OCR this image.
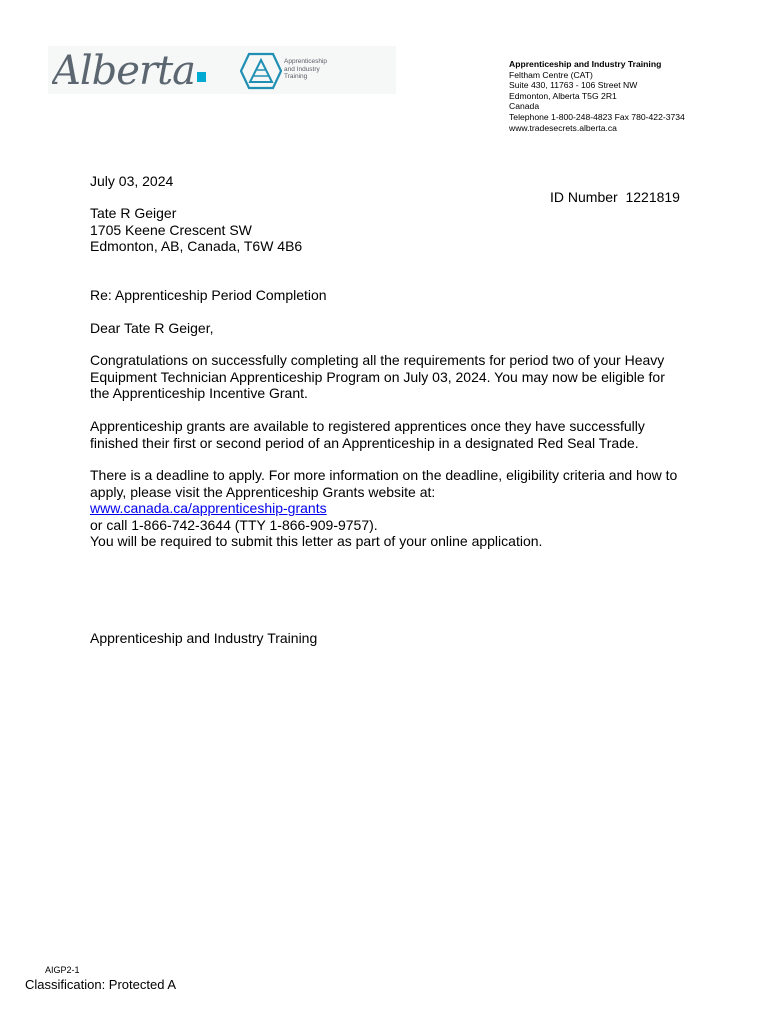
Alberta	Apprenticeship
and Industry
Training
Apprenticeship and Industry Training
Feltham Centre (CAT)
Suite 430, 11763 - 106 Street NW
Edmonton, Alberta T5G 2R1
Canada
Telephone 1-800-248-4823 Fax 780-422-3734
www.tradesecrets.alberta.ca
July 03, 2024
ID Number 1221819
Tate R Geiger
1705 Keene Crescent SW
Edmonton, AB, Canada, T6W 4B6
Re: Apprenticeship Period Completion
Dear Tate R Geiger,
Congratulations on successfully completing all the requirements for period two of your Heavy
Equipment Technician Apprenticeship Program on July 03, 2024. You may now be eligible for
the Apprenticeship Incentive Grant.
Apprenticeship grants are available to registered apprentices once they have successfully
finished their first or second period of an Apprenticeship in a designated Red Seal Trade.
There is a deadline to apply. For more information on the deadline, eligibility criteria and how to
apply, please visit the Apprenticeship Grants website at:
www.canada.ca/apprenticeship-grants
or call 1-866-742-3644 (TTY 1-866-909-9757).
You will be required to submit this letter as part of your online application.
Apprenticeship and Industry Training
AIGP2-1
Classification: Protected A
